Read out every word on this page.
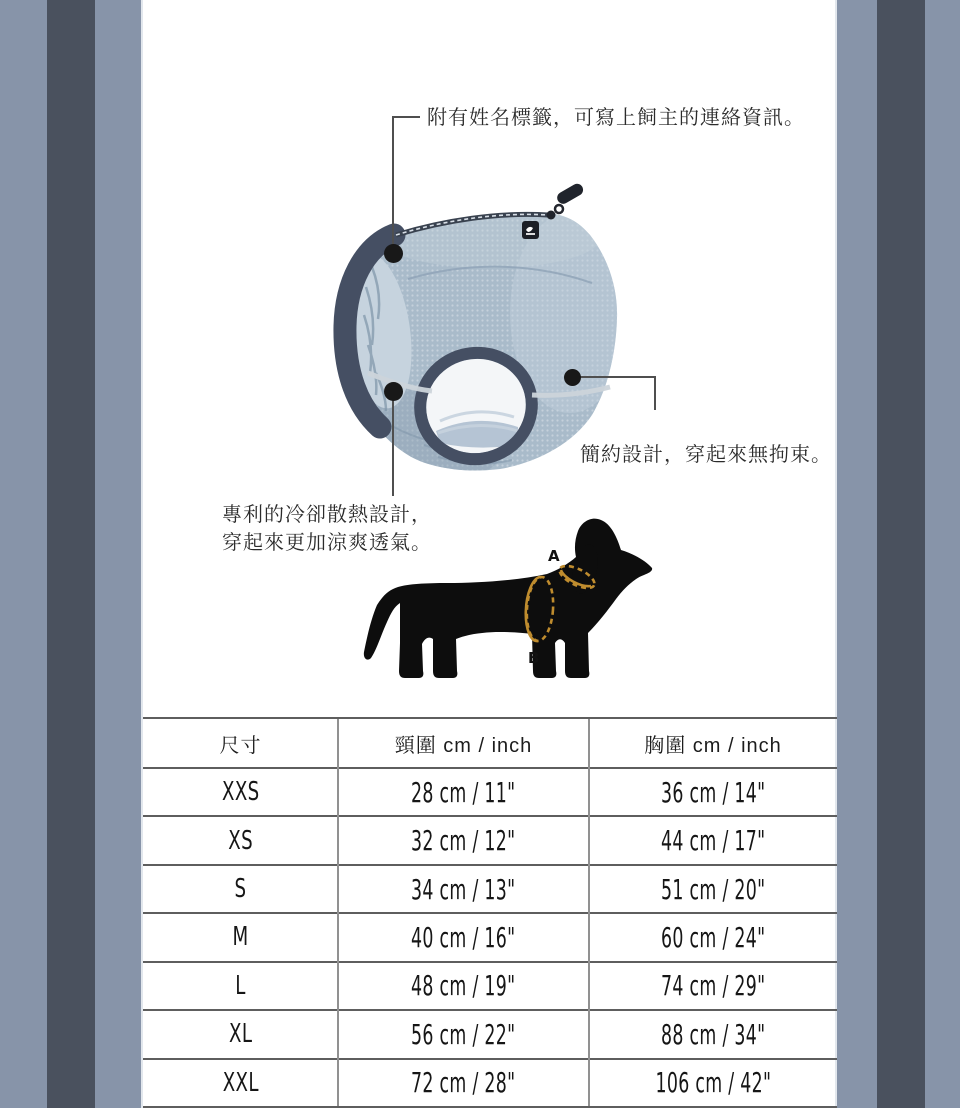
附有姓名標籤，可寫上飼主的連絡資訊。
簡約設計，穿起來無拘束。
專利的冷卻散熱設計，
穿起來更加涼爽透氣。
A
B
尺寸	頸圍 cm / inch	胸圍 cm / inch
XXS	28 cm / 11"	36 cm / 14"
XS	32 cm / 12"	44 cm / 17"
S	34 cm / 13"	51 cm / 20"
M	40 cm / 16"	60 cm / 24"
L	48 cm / 19"	74 cm / 29"
XL	56 cm / 22"	88 cm / 34"
XXL	72 cm / 28"	106 cm / 42"
